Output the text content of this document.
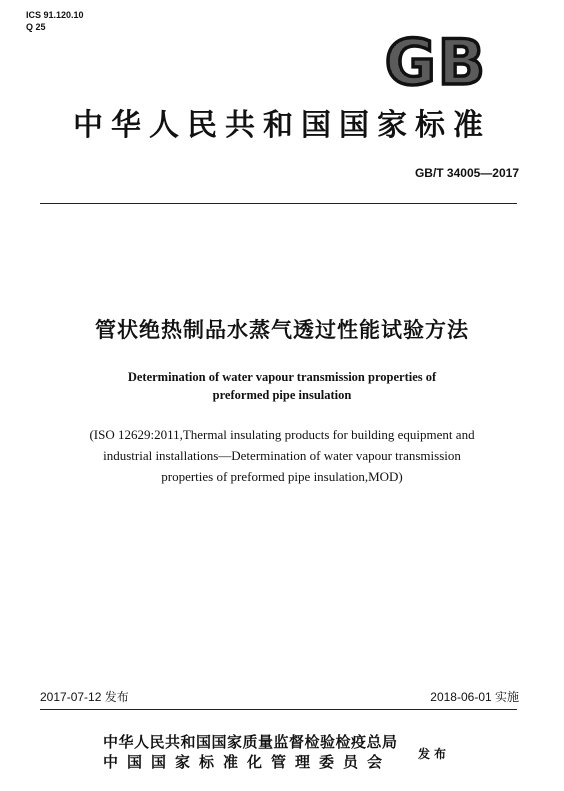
ICS 91.120.10
Q 25	GB
中华人民共和国国家标准
GB/T 34005—2017
管状绝热制品水蒸气透过性能试验方法
Determination of water vapour transmission properties of
preformed pipe insulation
(ISO 12629:2011,Thermal insulating products for building equipment and
industrial installations—Determination of water vapour transmission
properties of preformed pipe insulation,MOD)
2017-07-12 发布	2018-06-01 实施
中华人民共和国国家质量监督检验检疫总局
中国国家标准化管理委员会	发布
